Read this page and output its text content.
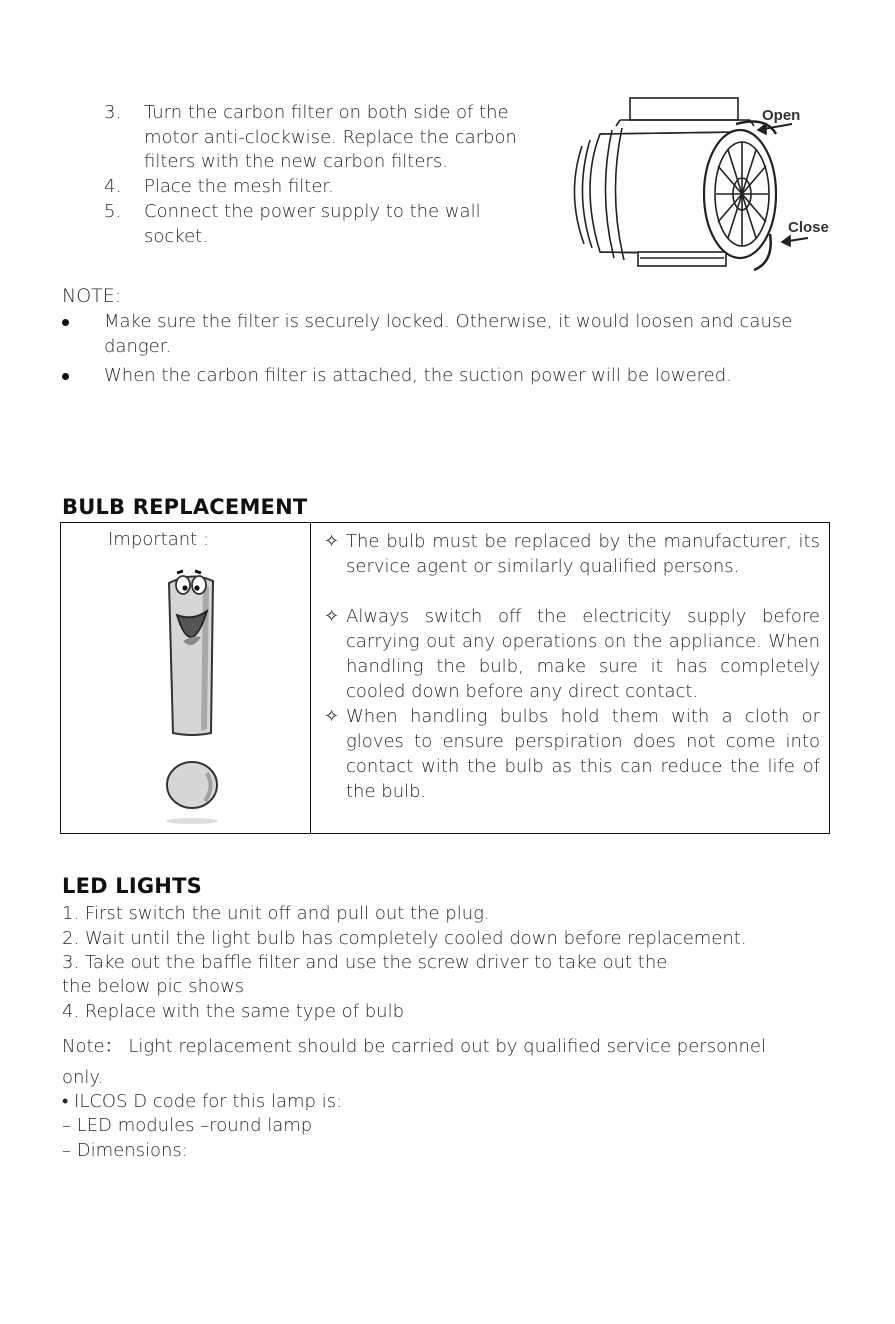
3.	Turn the carbon filter on both side of the motor anti-clockwise. Replace the carbon filters with the new carbon filters.
4.	Place the mesh filter.
5.	Connect the power supply to the wall socket.
Open
Close
NOTE:
Make sure the filter is securely locked. Otherwise, it would loosen and cause danger.
When the carbon filter is attached, the suction power will be lowered.
BULB REPLACEMENT
Important :	✧ The bulb must be replaced by the manufacturer, its service agent or similarly qualified persons.
✧ Always switch off the electricity supply before carrying out any operations on the appliance. When handling the bulb, make sure it has completely cooled down before any direct contact.
✧ When handling bulbs hold them with a cloth or gloves to ensure perspiration does not come into contact with the bulb as this can reduce the life of the bulb.
LED LIGHTS
1. First switch the unit off and pull out the plug.
2. Wait until the light bulb has completely cooled down before replacement.
3. Take out the baffle filter and use the screw driver to take out the
the below pic shows
4. Replace with the same type of bulb
Note： Light replacement should be carried out by qualified service personnel
only.
• ILCOS D code for this lamp is:
– LED modules –round lamp
– Dimensions:
